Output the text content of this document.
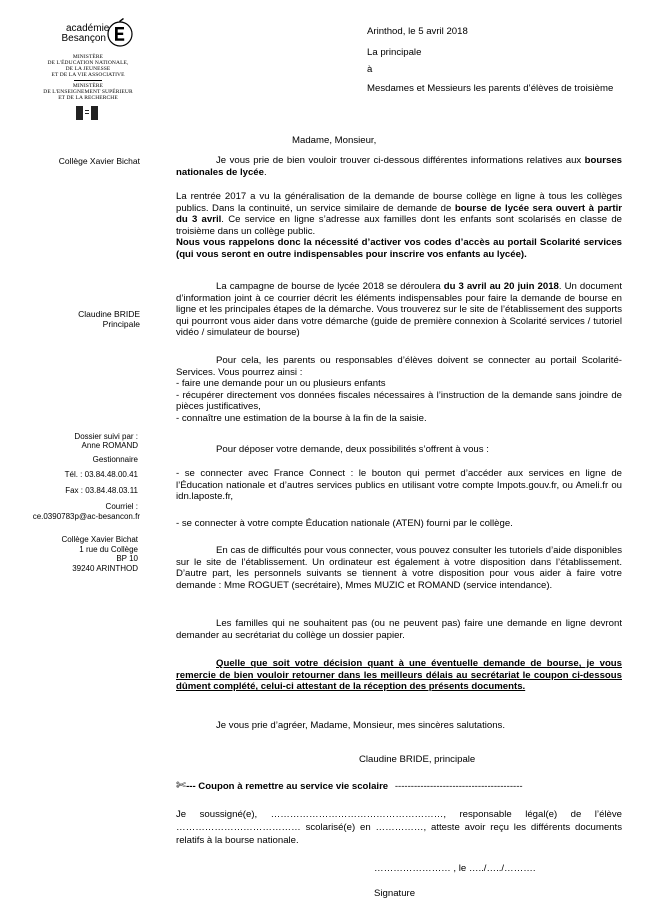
académie
Besançon
MINISTÈRE
DE L'ÉDUCATION NATIONALE,
DE LA JEUNESSE
ET DE LA VIE ASSOCIATIVE
MINISTÈRE
DE L'ENSEIGNEMENT SUPÉRIEUR
ET DE LA RECHERCHE
Arinthod, le 5 avril 2018
La principale
à
Mesdames et Messieurs les parents d’élèves de troisième
Madame, Monsieur,
Collège Xavier Bichat
Claudine BRIDE
Principale
Dossier suivi par :
Anne ROMAND
Gestionnaire
Tél. : 03.84.48.00.41
Fax : 03.84.48.03.11
Courriel :
ce.0390783p@ac-besancon.fr
Collège Xavier Bichat
1 rue du Collège
BP 10
39240 ARINTHOD
Je vous prie de bien vouloir trouver ci-dessous différentes informations relatives aux bourses nationales de lycée.
La rentrée 2017 a vu la généralisation de la demande de bourse collège en ligne à tous les collèges publics. Dans la continuité, un service similaire de demande de bourse de lycée sera ouvert à partir du 3 avril. Ce service en ligne s’adresse aux familles dont les enfants sont scolarisés en classe de troisième dans un collège public.
Nous vous rappelons donc la nécessité d’activer vos codes d’accès au portail Scolarité services (qui vous seront en outre indispensables pour inscrire vos enfants au lycée).
La campagne de bourse de lycée 2018 se déroulera du 3 avril au 20 juin 2018. Un document d’information joint à ce courrier décrit les éléments indispensables pour faire la demande de bourse en ligne et les principales étapes de la démarche. Vous trouverez sur le site de l’établissement des supports qui pourront vous aider dans votre démarche (guide de première connexion à Scolarité services / tutoriel vidéo / simulateur de bourse)
Pour cela, les parents ou responsables d’élèves doivent se connecter au portail Scolarité-Services. Vous pourrez ainsi :
- faire une demande pour un ou plusieurs enfants
- récupérer directement vos données fiscales nécessaires à l’instruction de la demande sans joindre de pièces justificatives,
- connaître une estimation de la bourse à la fin de la saisie.
Pour déposer votre demande, deux possibilités s’offrent à vous :
- se connecter avec France Connect : le bouton qui permet d’accéder aux services en ligne de l’Éducation nationale et d’autres services publics en utilisant votre compte Impots.gouv.fr, ou Ameli.fr ou idn.laposte.fr,
- se connecter à votre compte Éducation nationale (ATEN) fourni par le collège.
En cas de difficultés pour vous connecter, vous pouvez consulter les tutoriels d’aide disponibles sur le site de l’établissement. Un ordinateur est également à votre disposition dans l’établissement. D’autre part, les personnels suivants se tiennent à votre disposition pour vous aider à faire votre demande : Mme ROGUET (secrétaire), Mmes MUZIC et ROMAND (service intendance).
Les familles qui ne souhaitent pas (ou ne peuvent pas) faire une demande en ligne devront demander au secrétariat du collège un dossier papier.
Quelle que soit votre décision quant à une éventuelle demande de bourse, je vous remercie de bien vouloir retourner dans les meilleurs délais au secrétariat le coupon ci-dessous dûment complété, celui-ci attestant de la réception des présents documents.
Je vous prie d’agréer, Madame, Monsieur, mes sincères salutations.
Claudine BRIDE, principale
✄--- Coupon à remettre au service vie scolaire ----------------------------------------
Je soussigné(e), ………………………………………………, responsable légal(e) de l’élève ………………………………… scolarisé(e) en ……………, atteste avoir reçu les différents documents relatifs à la bourse nationale.
…………………… , le …../…../……….
Signature
